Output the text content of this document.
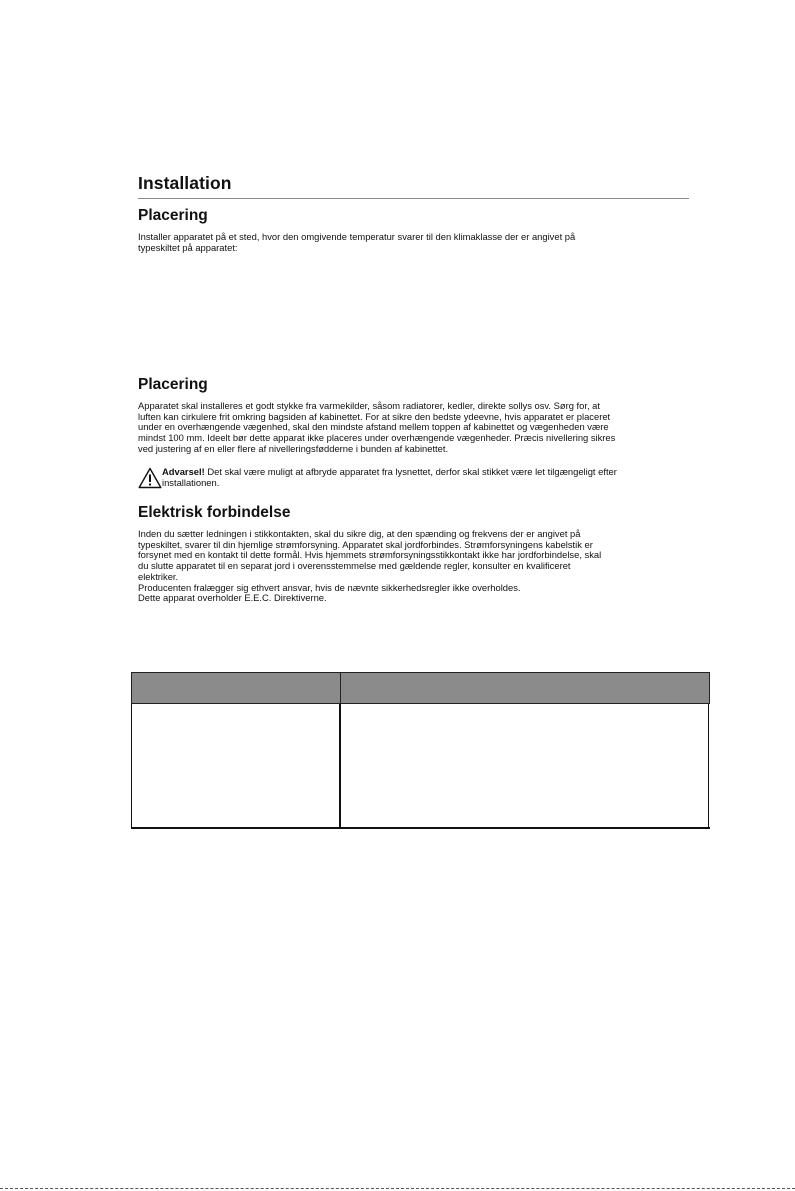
Installation
Placering

Installer apparatet på et sted, hvor den omgivende temperatur svarer til den klimaklasse der er angivet på
typeskiltet på apparatet:

Placering

Apparatet skal installeres et godt stykke fra varmekilder, såsom radiatorer, kedler, direkte sollys osv. Sørg for, at
luften kan cirkulere frit omkring bagsiden af kabinettet. For at sikre den bedste ydeevne, hvis apparatet er placeret
under en overhængende vægenhed, skal den mindste afstand mellem toppen af kabinettet og vægenheden være
mindst 100 mm. Ideelt bør dette apparat ikke placeres under overhængende vægenheder. Præcis nivellering sikres
ved justering af en eller flere af nivelleringsfødderne i bunden af kabinettet.

Advarsel! Det skal være muligt at afbryde apparatet fra lysnettet, derfor skal stikket være let tilgængeligt efter
installationen.
Elektrisk forbindelse

Inden du sætter ledningen i stikkontakten, skal du sikre dig, at den spænding og frekvens der er angivet på
typeskiltet, svarer til din hjemlige strømforsyning. Apparatet skal jordforbindes. Strømforsyningens kabelstik er
forsynet med en kontakt til dette formål. Hvis hjemmets strømforsyningsstikkontakt ikke har jordforbindelse, skal
du slutte apparatet til en separat jord i overensstemmelse med gældende regler, konsulter en kvalificeret
elektriker.
Producenten fralægger sig ethvert ansvar, hvis de nævnte sikkerhedsregler ikke overholdes.
Dette apparat overholder E.E.C. Direktiverne.
